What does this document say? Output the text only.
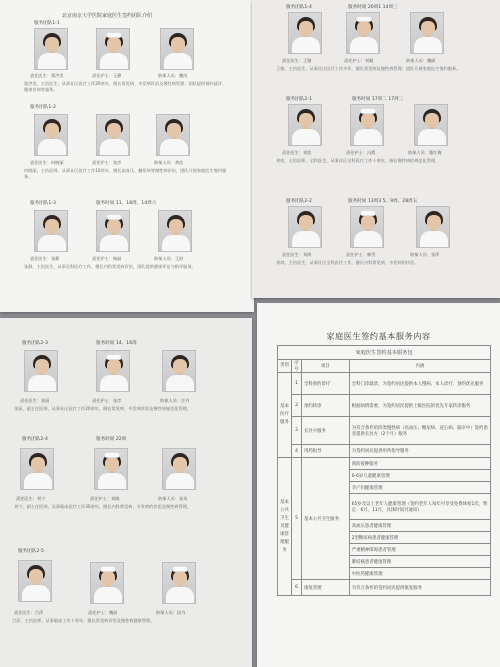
北京南京大学医院家庭医生签约团队介绍
服务团队1-1
责任医生：翟洪美	责任护士：王静	防保人员：魏凤
翟洪美，主治医生，从事社区医疗工作20余年，擅长常见病、多发病诊治及慢性病管理；团队提供预约就诊、健康咨询等服务。
服务团队1-2
责任医生：何晓丽	责任护士：张彦	防保人员：黄浩
何晓丽，主治医师，从事社区医疗工作10余年，擅长高血压、糖尿病等慢性病诊治，团队开展家庭医生签约服务。
服务团队1-3	服务时间 11、18周、14周六
责任医生：张静	责任护士：杨丽	防保人员：王舒
张静，主治医生，从事全科医疗工作，擅长内科常见病诊治，团队提供健康评估与指导服务。
服务团队1-4	服务时间 20周1 14周三
责任医生：王雅	责任护士：刘颖	防保人员：魏丽
王雅，主治医生，从事社区医疗工作多年，擅长常见病及慢性病管理；团队开展家庭医生签约服务。
服务团队2-1	服务时间 17周二 17周三
责任医生：刘欣	责任护士：冯霞	防保人员：董红梅
刘欣，主治医师，全科医生，从事社区全科医疗工作十余年，擅长慢性病的规范化管理。
服务团队2-2	服务时间 13周3 5、9周、28周五
责任医生：刘鸿	责任护士：韩雪	防保人员：张萍
刘鸿，主治医生，从事社区全科医疗工作，擅长内科常见病、多发病的诊治。
服务团队2-3	服务时间 14、16周
责任医生：张丽	责任护士：张彦	防保人员：庄丹
张丽，副主任医师，从事社区医疗工作20余年，擅长常见病、多发病诊治及慢性病规范化管理。
服务团队2-4	服务时间 22周
责任医生：刘宁	责任护士：刘晓	防保人员：张英
刘宁，副主任医师，从事临床医疗工作30余年，擅长内科常见病、多发病的诊治及慢性病管理。
服务团队2-5
责任医生：吕萍	责任护士：魏丽	防保人员：段丹
吕萍，主治医师，从事临床工作十余年，擅长常见病诊治及慢性病健康管理。
家庭医生签约基本服务内容
家庭医生签约基本服务包			
类别	序号	项目	内涵
基本医疗服务	1	全科预约诊疗	全科门诊就诊，为签约居民提供本人慢病、本人诊疗、预约优先服务
	2	预约转诊	根据病情需要，为签约居民提供上级医院的优先专家转诊服务
	3	长处方服务	为符合条件的四类慢性病（高血压、糖尿病、冠心病、脑卒中）签约患者提供长处方（2个月）服务
	4	用药指导	为签约居民提供用药指导服务
基本公共卫生及健康管理服务	5	基本公共卫生服务	预防接种服务
			0-6岁儿童健康管理
			孕产妇健康管理
			65岁及以上老年人健康管理（签约老年人每年可享受免费体检1次，暂定：6月、11月，具体时间另通知）
			高血压患者健康管理
			2型糖尿病患者健康管理
			严重精神障碍患者管理
			肺结核患者健康管理
			中医药健康管理
	6	康复管理	为符合条件的签约居民提供康复服务
